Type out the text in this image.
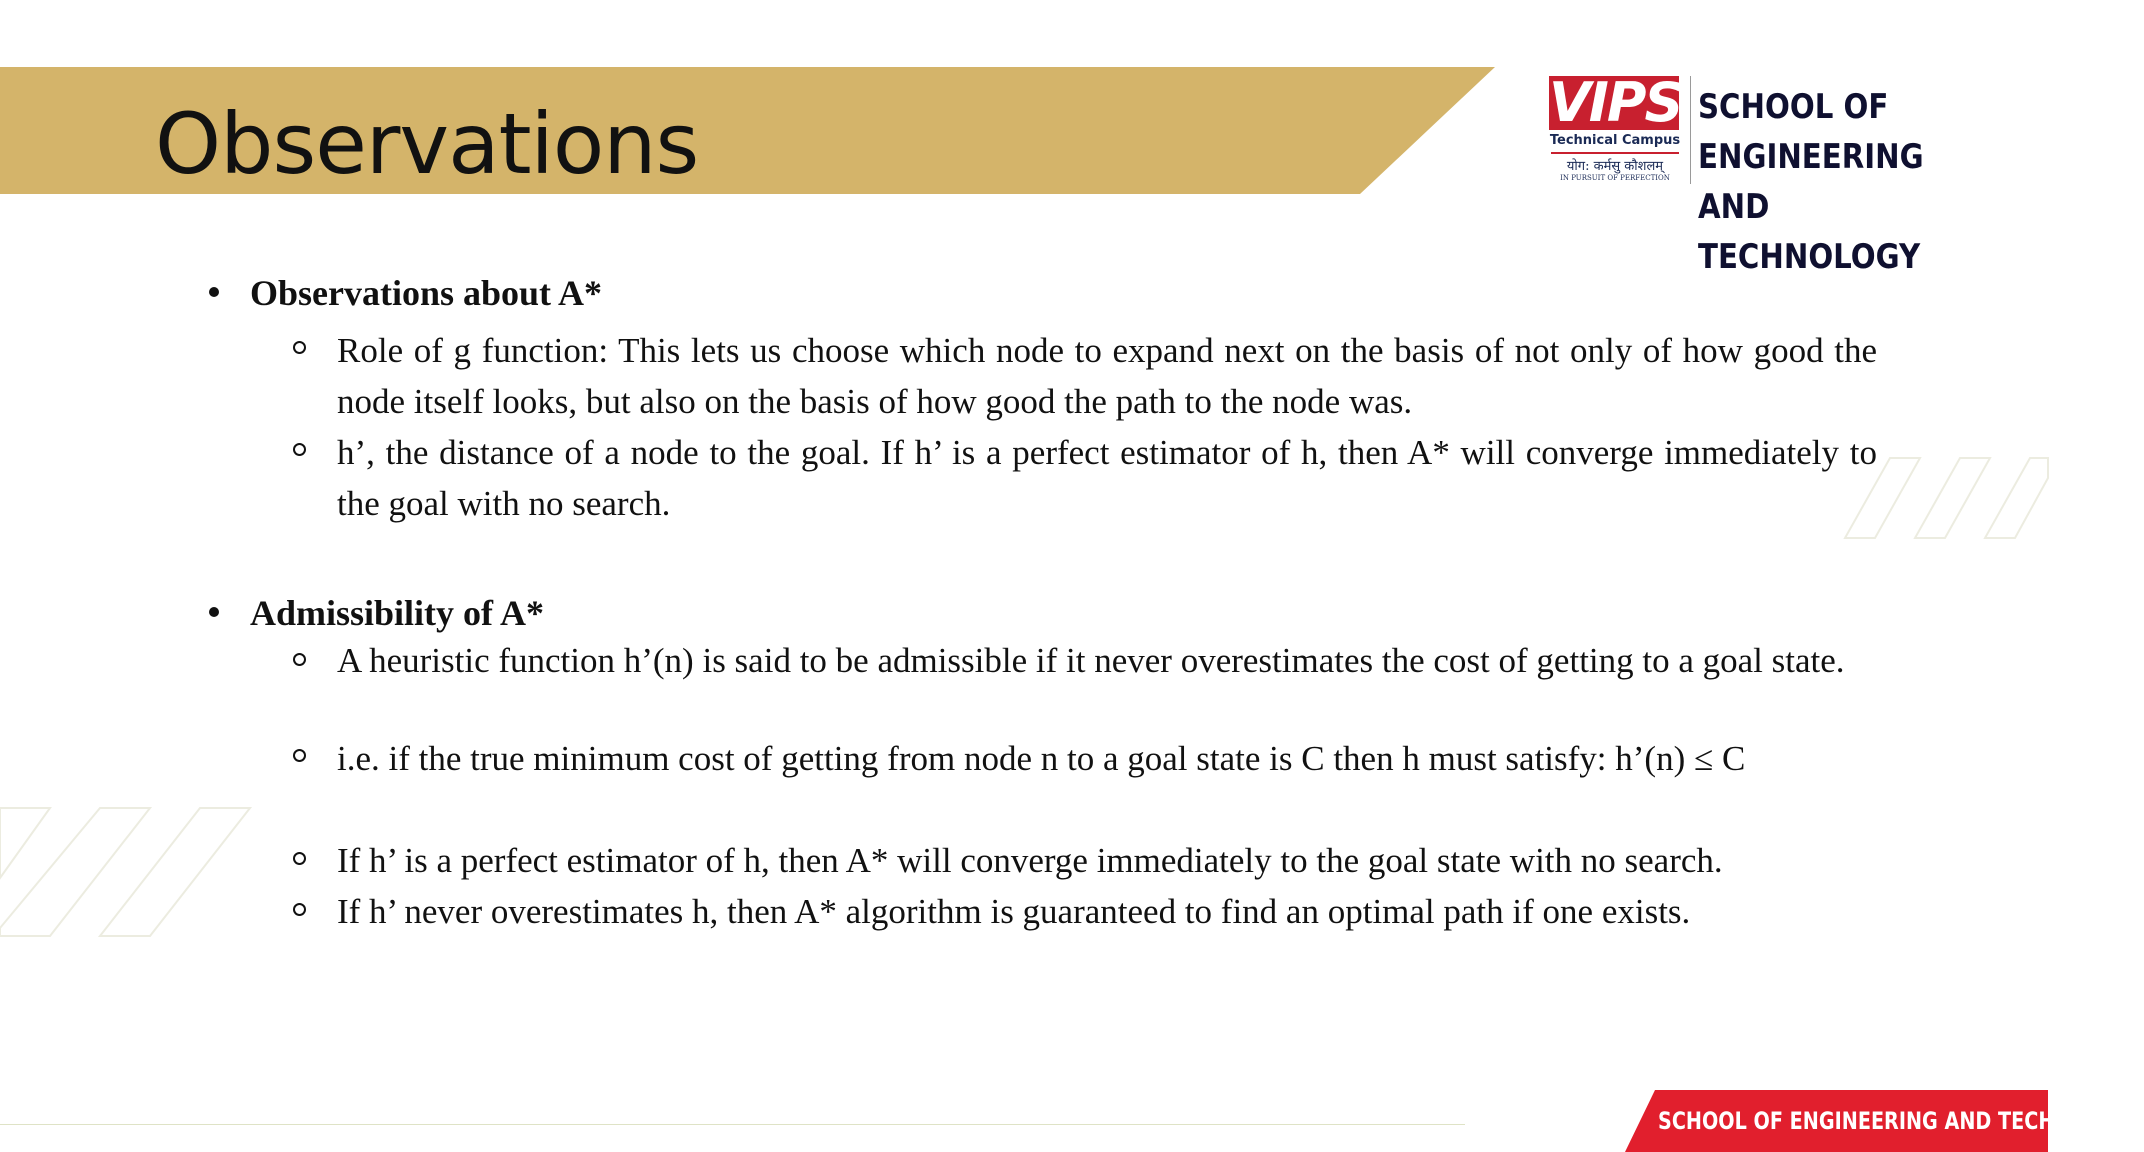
Observations	VIPS
Technical Campus
योग: कर्मसु कौशलम्
IN PURSUIT OF PERFECTION
SCHOOL OF ENGINEERING
AND TECHNOLOGY
Observations about A*
Role of g function: This lets us choose which node to expand next on the basis of not only of how good the node itself looks, but also on the basis of how good the path to the node was.
h’, the distance of a node to the goal. If h’ is a perfect estimator of h, then A* will converge immediately to the goal with no search.
Admissibility of A*
A heuristic function h’(n) is said to be admissible if it never overestimates the cost of getting to a goal state.
i.e. if the true minimum cost of getting from node n to a goal state is C then h must satisfy: h’(n) ≤ C
If h’ is a perfect estimator of h, then A* will converge immediately to the goal state with no search.
If h’ never overestimates h, then A* algorithm is guaranteed to find an optimal path if one exists.
SCHOOL OF ENGINEERING AND TECHNOLOGY
